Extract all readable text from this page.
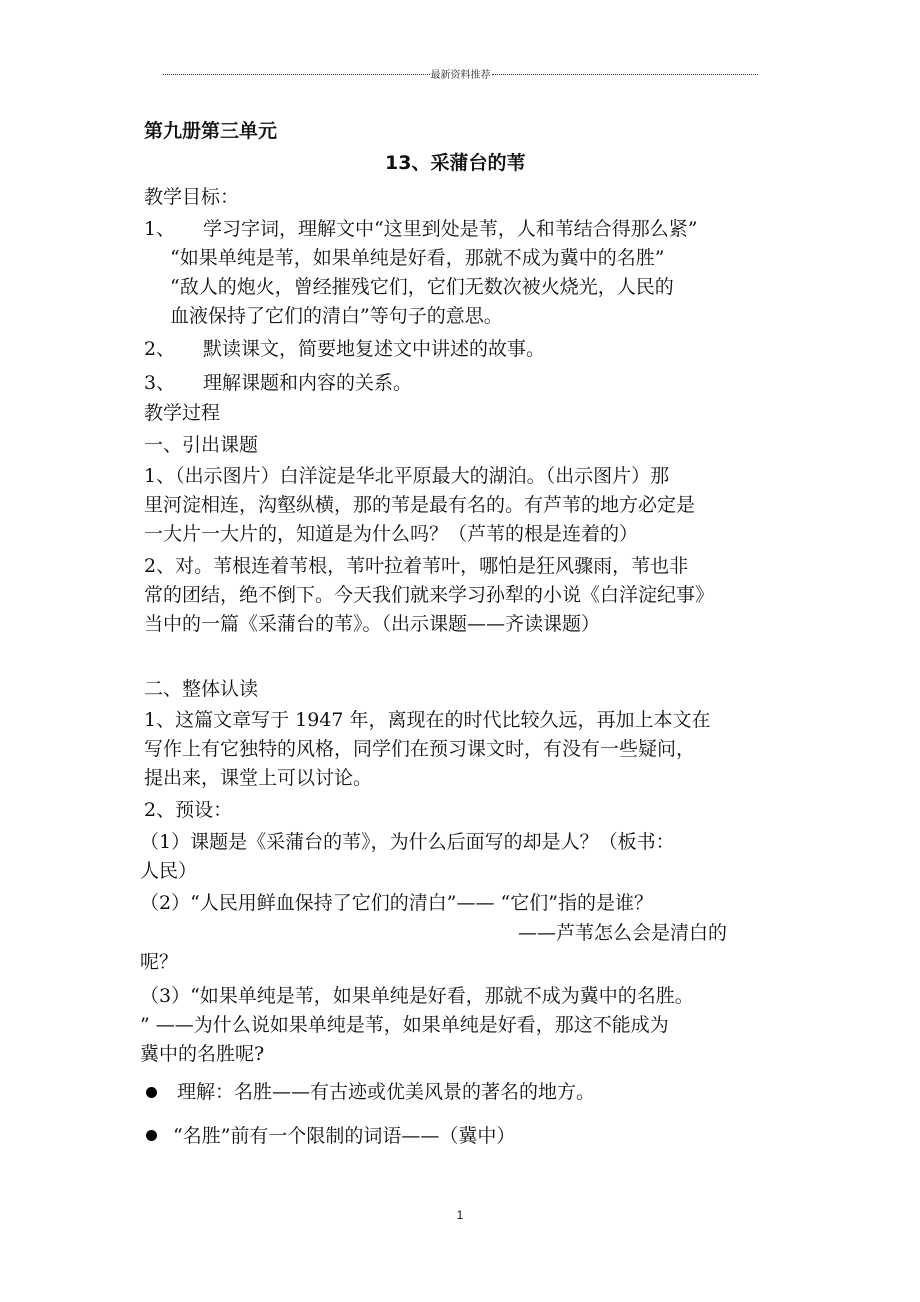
最新资料推荐
第九册第三单元
13、采蒲台的苇
教学目标：
1、 学习字词，理解文中“这里到处是苇，人和苇结合得那么紧”
“如果单纯是苇，如果单纯是好看，那就不成为冀中的名胜”
“敌人的炮火，曾经摧残它们，它们无数次被火烧光，人民的
血液保持了它们的清白”等句子的意思。
2、 默读课文，简要地复述文中讲述的故事。
3、 理解课题和内容的关系。
教学过程
一、引出课题
1、（出示图片）白洋淀是华北平原最大的湖泊。（出示图片）那
里河淀相连，沟壑纵横，那的苇是最有名的。有芦苇的地方必定是
一大片一大片的，知道是为什么吗？（芦苇的根是连着的）
2、对。苇根连着苇根，苇叶拉着苇叶，哪怕是狂风骤雨，苇也非
常的团结，绝不倒下。今天我们就来学习孙犁的小说《白洋淀纪事》
当中的一篇《采蒲台的苇》。（出示课题——齐读课题）
二、整体认读
1、这篇文章写于 1947 年，离现在的时代比较久远，再加上本文在
写作上有它独特的风格，同学们在预习课文时，有没有一些疑问，
提出来，课堂上可以讨论。
2、预设：
（1）课题是《采蒲台的苇》，为什么后面写的却是人？（板书：
人民）
（2）“人民用鲜血保持了它们的清白”—— “它们”指的是谁？
——芦苇怎么会是清白的
呢？
（3）“如果单纯是苇，如果单纯是好看，那就不成为冀中的名胜。
” ——为什么说如果单纯是苇，如果单纯是好看，那这不能成为
冀中的名胜呢?
理解：名胜——有古迹或优美风景的著名的地方。
“名胜”前有一个限制的词语——（冀中）
1
